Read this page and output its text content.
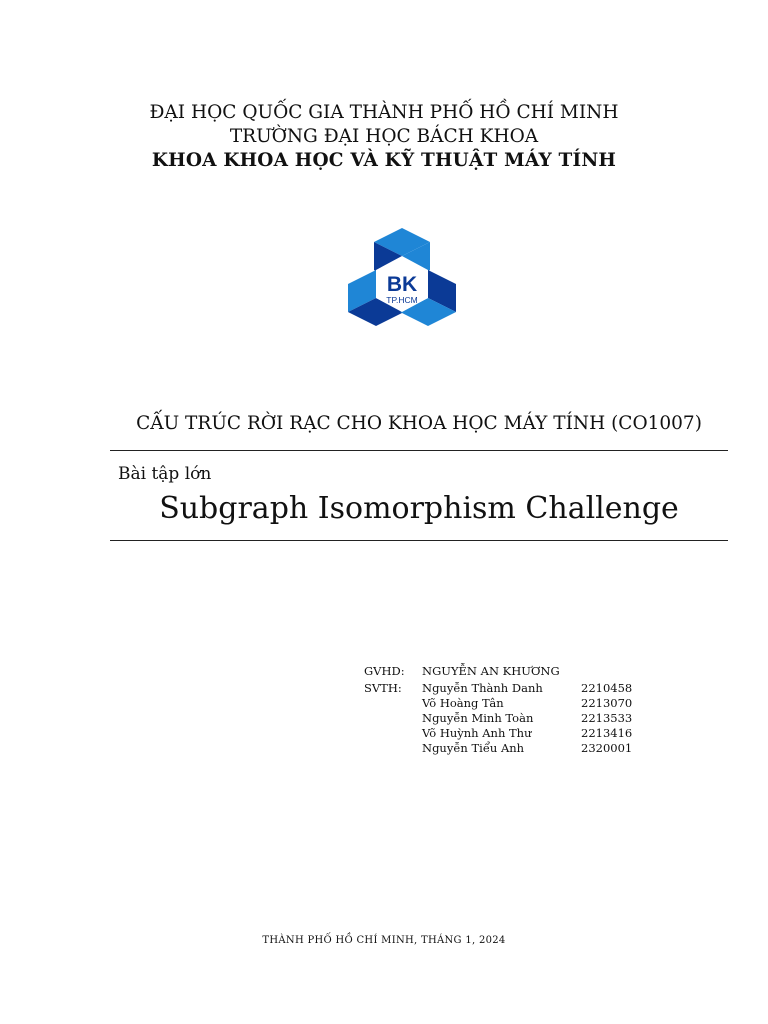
ĐẠI HỌC QUỐC GIA THÀNH PHỐ HỒ CHÍ MINH
TRƯỜNG ĐẠI HỌC BÁCH KHOA
KHOA KHOA HỌC VÀ KỸ THUẬT MÁY TÍNH
BK
TP.HCM
CẤU TRÚC RỜI RẠC CHO KHOA HỌC MÁY TÍNH (CO1007)
Bài tập lớn
Subgraph Isomorphism Challenge
GVHD: NGUYỄN AN KHƯƠNG
SVTH: Nguyễn Thành Danh	2210458
Võ Hoàng Tân	2213070
Nguyễn Minh Toàn	2213533
Võ Huỳnh Anh Thư	2213416
Nguyễn Tiểu Anh	2320001
THÀNH PHỐ HỒ CHÍ MINH, THÁNG 1, 2024
